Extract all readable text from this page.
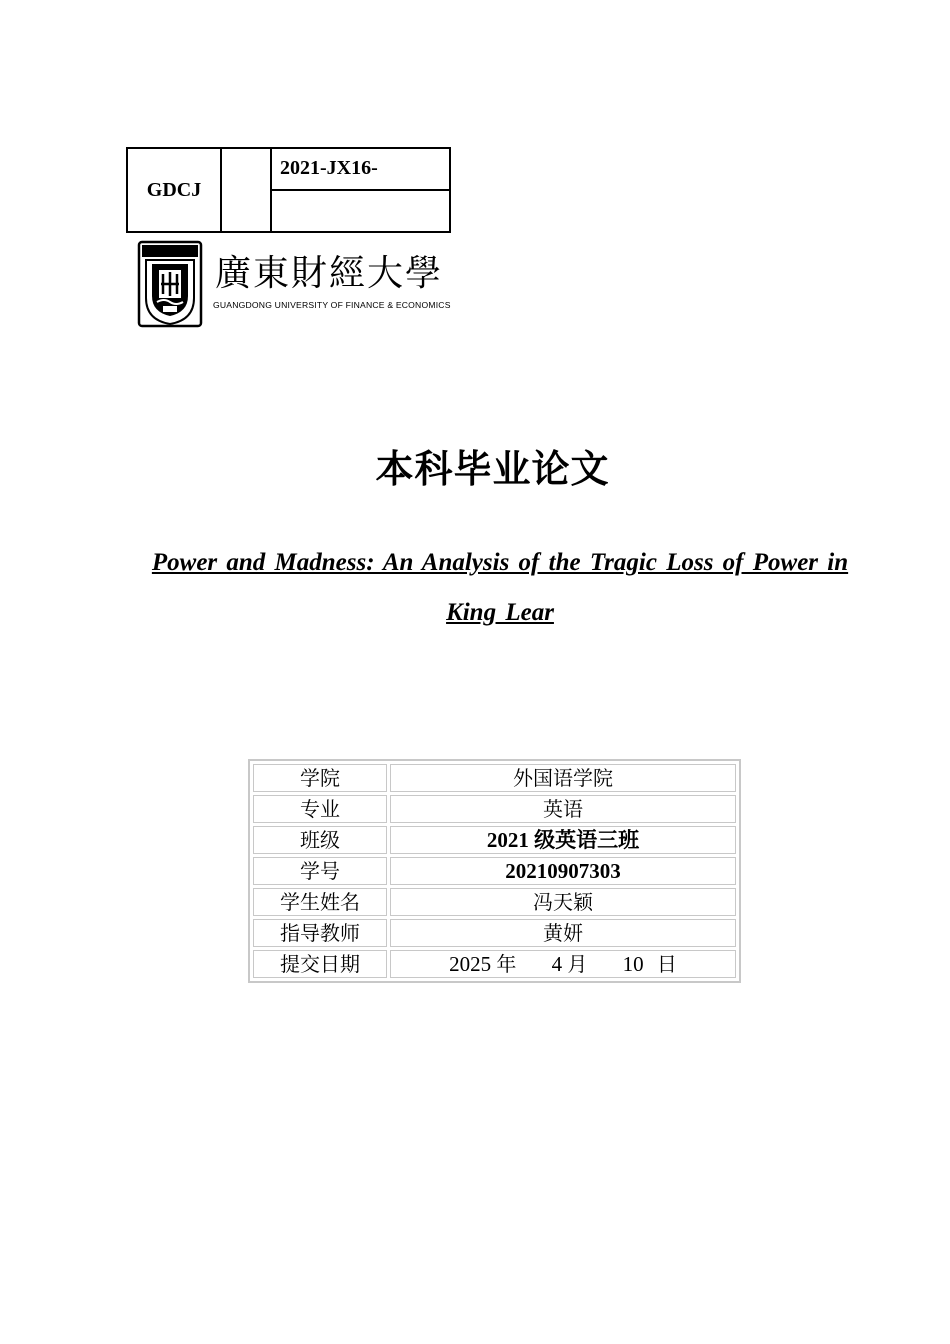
GDCJ
2021-JX16-
廣東財經大學
GUANGDONG UNIVERSITY OF FINANCE & ECONOMICS
本科毕业论文
Power and Madness: An Analysis of the Tragic Loss of Power in King Lear
学院	外国语学院
专业	英语
班级	2021 级英语三班
学号	20210907303
学生姓名	冯天颖
指导教师	黄妍
提交日期	2025 年 4 月 10 日
